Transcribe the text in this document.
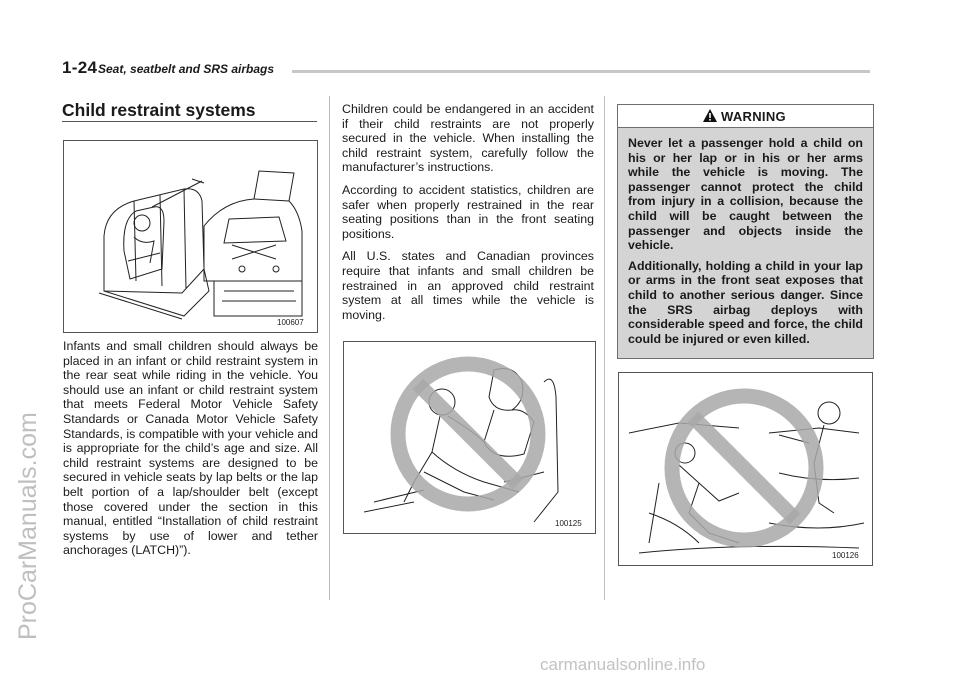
1-24 Seat, seatbelt and SRS airbags
Child restraint systems
100607

Infants and small children should always be placed in an infant or child restraint system in the rear seat while riding in the vehicle. You should use an infant or child restraint system that meets Federal Motor Vehicle Safety Standards or Canada Motor Vehicle Safety Standards, is compatible with your vehicle and is appropriate for the child’s age and size. All child restraint systems are designed to be secured in vehicle seats by lap belts or the lap belt portion of a lap/shoulder belt (except those covered under the section in this manual, entitled “Installation of child restraint systems by use of lower and tether anchorages (LATCH)”).

Children could be endangered in an accident if their child restraints are not properly secured in the vehicle. When installing the child restraint system, carefully follow the manufacturer’s instructions.

According to accident statistics, children are safer when properly restrained in the rear seating positions than in the front seating positions.

All U.S. states and Canadian provinces require that infants and small children be restrained in an approved child restraint system at all times while the vehicle is moving.

100125
WARNING

Never let a passenger hold a child on his or her lap or in his or her arms while the vehicle is moving. The passenger cannot protect the child from injury in a collision, because the child will be caught between the passenger and objects inside the vehicle.

Additionally, holding a child in your lap or arms in the front seat exposes that child to another serious danger. Since the SRS airbag deploys with considerable speed and force, the child could be injured or even killed.

100126
ProCarManuals.com
carmanualsonline.info
